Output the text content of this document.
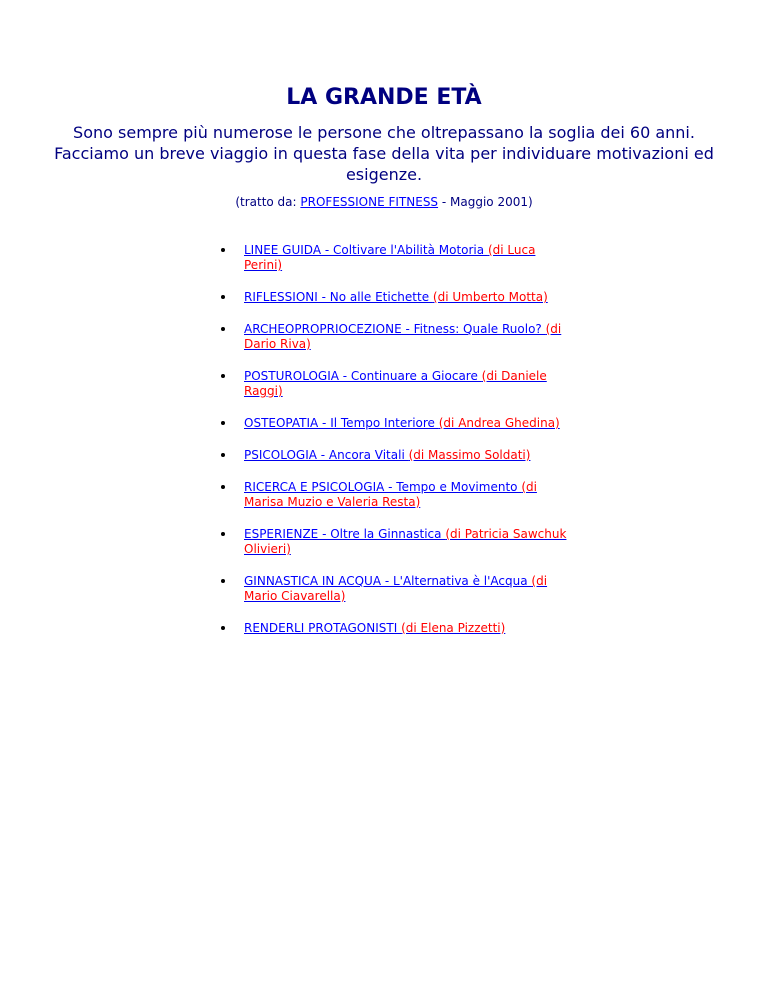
LA GRANDE ETÀ

Sono sempre più numerose le persone che oltrepassano la soglia dei 60 anni. Facciamo un breve viaggio in questa fase della vita per individuare motivazioni ed esigenze.

(tratto da: PROFESSIONE FITNESS - Maggio 2001)

LINEE GUIDA - Coltivare l'Abilità Motoria (di Luca Perini)
RIFLESSIONI - No alle Etichette (di Umberto Motta)
ARCHEOPROPRIOCEZIONE - Fitness: Quale Ruolo? (di Dario Riva)
POSTUROLOGIA - Continuare a Giocare (di Daniele Raggi)
OSTEOPATIA - Il Tempo Interiore (di Andrea Ghedina)
PSICOLOGIA - Ancora Vitali (di Massimo Soldati)
RICERCA E PSICOLOGIA - Tempo e Movimento (di Marisa Muzio e Valeria Resta)
ESPERIENZE - Oltre la Ginnastica (di Patricia Sawchuk Olivieri)
GINNASTICA IN ACQUA - L'Alternativa è l'Acqua (di Mario Ciavarella)
RENDERLI PROTAGONISTI (di Elena Pizzetti)
